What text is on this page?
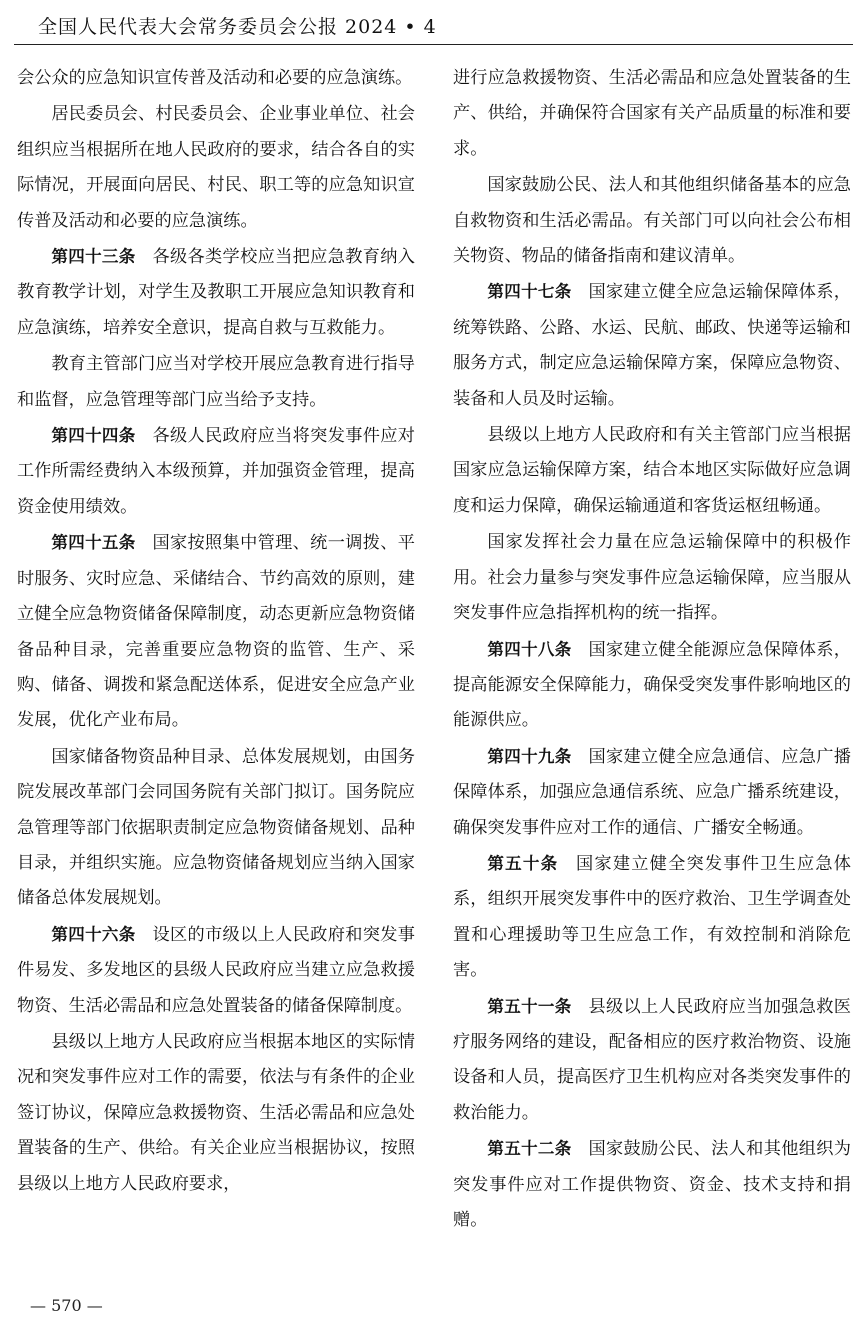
全国人民代表大会常务委员会公报 2024 • 4

会公众的应急知识宣传普及活动和必要的应急演练。

居民委员会、村民委员会、企业事业单位、社会组织应当根据所在地人民政府的要求，结合各自的实际情况，开展面向居民、村民、职工等的应急知识宣传普及活动和必要的应急演练。

第四十三条　各级各类学校应当把应急教育纳入教育教学计划，对学生及教职工开展应急知识教育和应急演练，培养安全意识，提高自救与互救能力。

教育主管部门应当对学校开展应急教育进行指导和监督，应急管理等部门应当给予支持。

第四十四条　各级人民政府应当将突发事件应对工作所需经费纳入本级预算，并加强资金管理，提高资金使用绩效。

第四十五条　国家按照集中管理、统一调拨、平时服务、灾时应急、采储结合、节约高效的原则，建立健全应急物资储备保障制度，动态更新应急物资储备品种目录，完善重要应急物资的监管、生产、采购、储备、调拨和紧急配送体系，促进安全应急产业发展，优化产业布局。

国家储备物资品种目录、总体发展规划，由国务院发展改革部门会同国务院有关部门拟订。国务院应急管理等部门依据职责制定应急物资储备规划、品种目录，并组织实施。应急物资储备规划应当纳入国家储备总体发展规划。

第四十六条　设区的市级以上人民政府和突发事件易发、多发地区的县级人民政府应当建立应急救援物资、生活必需品和应急处置装备的储备保障制度。

县级以上地方人民政府应当根据本地区的实际情况和突发事件应对工作的需要，依法与有条件的企业签订协议，保障应急救援物资、生活必需品和应急处置装备的生产、供给。有关企业应当根据协议，按照县级以上地方人民政府要求，

进行应急救援物资、生活必需品和应急处置装备的生产、供给，并确保符合国家有关产品质量的标准和要求。

国家鼓励公民、法人和其他组织储备基本的应急自救物资和生活必需品。有关部门可以向社会公布相关物资、物品的储备指南和建议清单。

第四十七条　国家建立健全应急运输保障体系，统筹铁路、公路、水运、民航、邮政、快递等运输和服务方式，制定应急运输保障方案，保障应急物资、装备和人员及时运输。

县级以上地方人民政府和有关主管部门应当根据国家应急运输保障方案，结合本地区实际做好应急调度和运力保障，确保运输通道和客货运枢纽畅通。

国家发挥社会力量在应急运输保障中的积极作用。社会力量参与突发事件应急运输保障，应当服从突发事件应急指挥机构的统一指挥。

第四十八条　国家建立健全能源应急保障体系，提高能源安全保障能力，确保受突发事件影响地区的能源供应。

第四十九条　国家建立健全应急通信、应急广播保障体系，加强应急通信系统、应急广播系统建设，确保突发事件应对工作的通信、广播安全畅通。

第五十条　国家建立健全突发事件卫生应急体系，组织开展突发事件中的医疗救治、卫生学调查处置和心理援助等卫生应急工作，有效控制和消除危害。

第五十一条　县级以上人民政府应当加强急救医疗服务网络的建设，配备相应的医疗救治物资、设施设备和人员，提高医疗卫生机构应对各类突发事件的救治能力。

第五十二条　国家鼓励公民、法人和其他组织为突发事件应对工作提供物资、资金、技术支持和捐赠。

— 570 —
